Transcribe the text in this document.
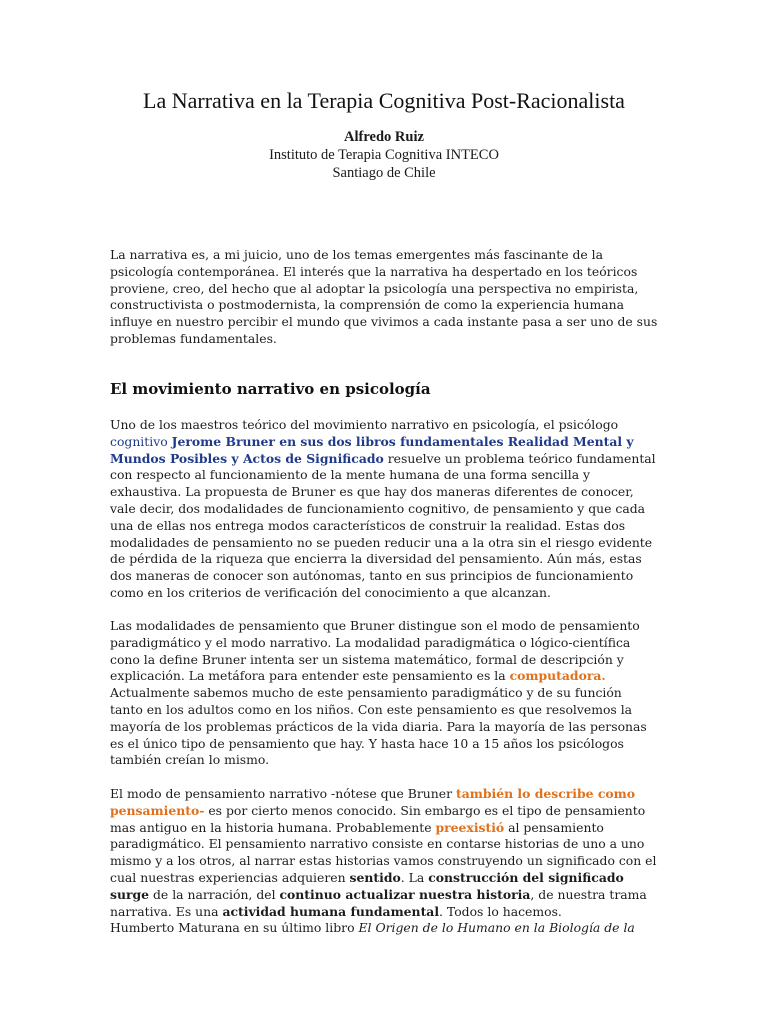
La Narrativa en la Terapia Cognitiva Post-Racionalista
Alfredo Ruiz
Instituto de Terapia Cognitiva INTECO
Santiago de Chile

La narrativa es, a mi juicio, uno de los temas emergentes más fascinante de la psicología contemporánea. El interés que la narrativa ha despertado en los teóricos proviene, creo, del hecho que al adoptar la psicología una perspectiva no empirista, constructivista o postmodernista, la comprensión de como la experiencia humana influye en nuestro percibir el mundo que vivimos a cada instante pasa a ser uno de sus problemas fundamentales.

El movimiento narrativo en psicología

Uno de los maestros teórico del movimiento narrativo en psicología, el psicólogo cognitivo Jerome Bruner en sus dos libros fundamentales Realidad Mental y Mundos Posibles y Actos de Significado resuelve un problema teórico fundamental con respecto al funcionamiento de la mente humana de una forma sencilla y exhaustiva. La propuesta de Bruner es que hay dos maneras diferentes de conocer, vale decir, dos modalidades de funcionamiento cognitivo, de pensamiento y que cada una de ellas nos entrega modos característicos de construir la realidad. Estas dos modalidades de pensamiento no se pueden reducir una a la otra sin el riesgo evidente de pérdida de la riqueza que encierra la diversidad del pensamiento. Aún más, estas dos maneras de conocer son autónomas, tanto en sus principios de funcionamiento como en los criterios de verificación del conocimiento a que alcanzan.

Las modalidades de pensamiento que Bruner distingue son el modo de pensamiento paradigmático y el modo narrativo. La modalidad paradigmática o lógico-científica cono la define Bruner intenta ser un sistema matemático, formal de descripción y explicación. La metáfora para entender este pensamiento es la computadora. Actualmente sabemos mucho de este pensamiento paradigmático y de su función tanto en los adultos como en los niños. Con este pensamiento es que resolvemos la mayoría de los problemas prácticos de la vida diaria. Para la mayoría de las personas es el único tipo de pensamiento que hay. Y hasta hace 10 a 15 años los psicólogos también creían lo mismo.

El modo de pensamiento narrativo -nótese que Bruner también lo describe como pensamiento- es por cierto menos conocido. Sin embargo es el tipo de pensamiento mas antiguo en la historia humana. Probablemente preexistió al pensamiento paradigmático. El pensamiento narrativo consiste en contarse historias de uno a uno mismo y a los otros, al narrar estas historias vamos construyendo un significado con el cual nuestras experiencias adquieren sentido. La construcción del significado surge de la narración, del continuo actualizar nuestra historia, de nuestra trama narrativa. Es una actividad humana fundamental. Todos lo hacemos.
Humberto Maturana en su último libro El Origen de lo Humano en la Biología de la
